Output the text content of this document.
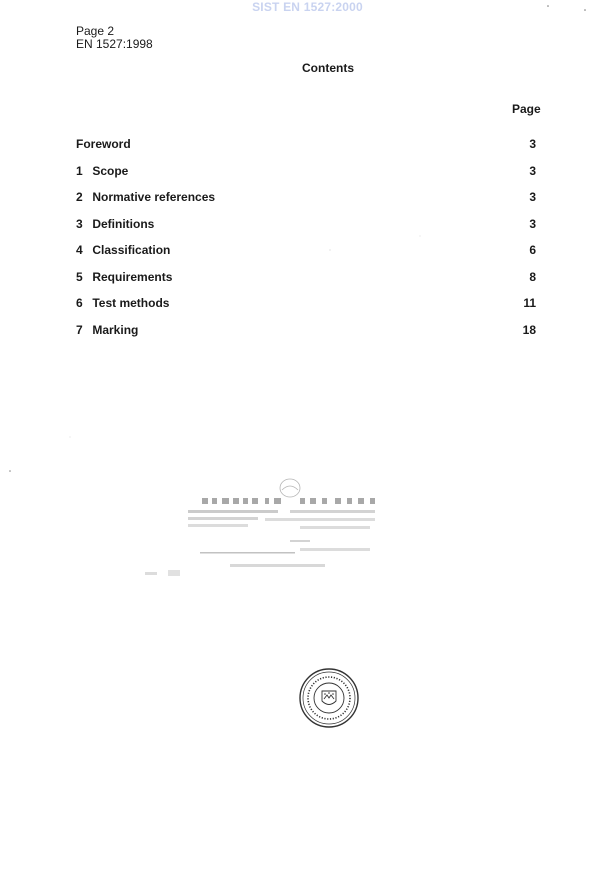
SIST EN 1527:2000
Page 2
EN 1527:1998
Contents
Page
Foreword	3
1 Scope	3
2 Normative references	3
3 Definitions	3
4 Classification	6
5 Requirements	8
6 Test methods	11
7 Marking	18
